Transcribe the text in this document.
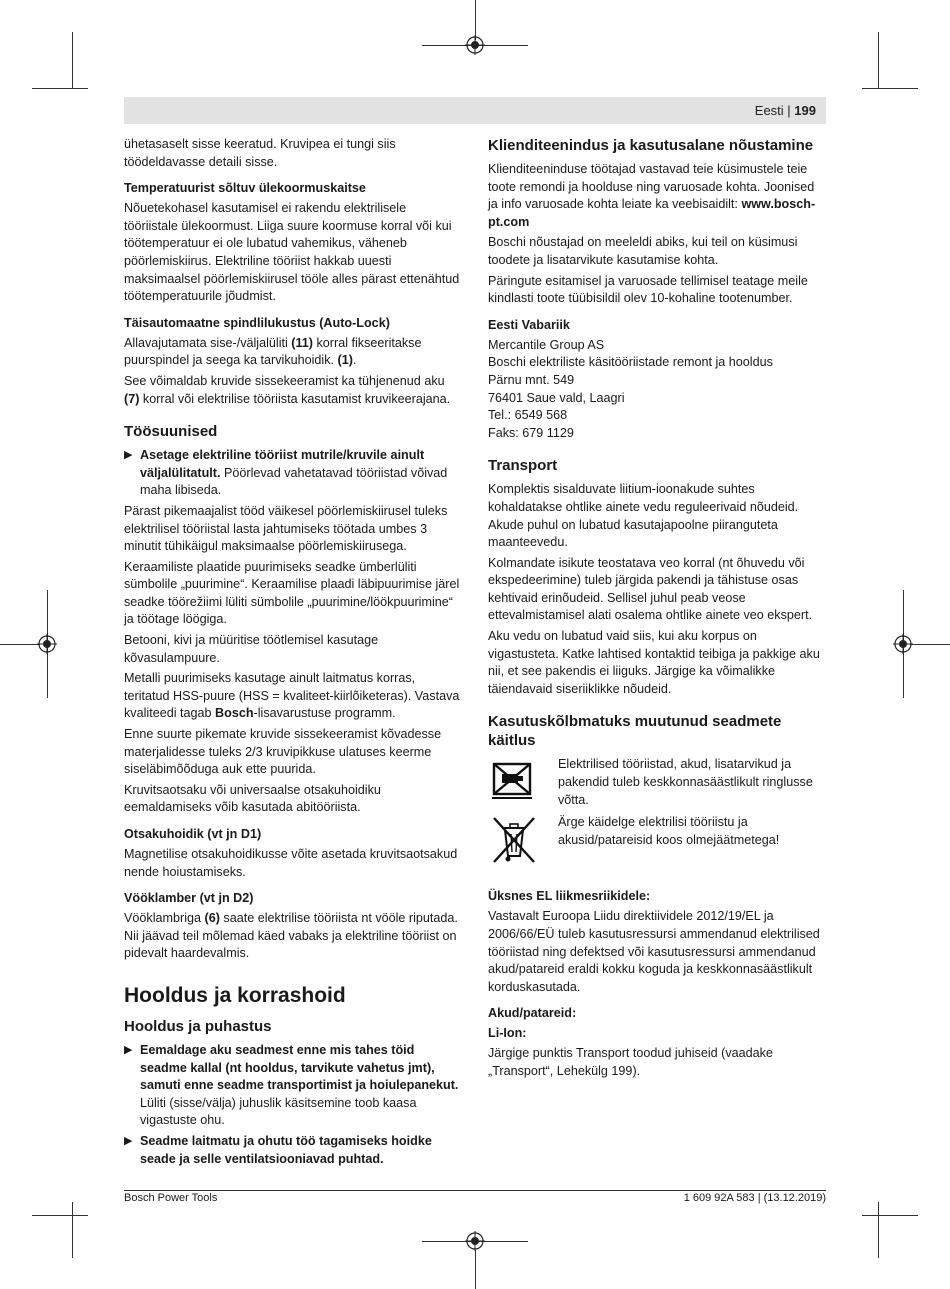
Eesti | 199

ühetasaselt sisse keeratud. Kruvipea ei tungi siis töödeldavasse detaili sisse.

Temperatuurist sõltuv ülekoormuskaitse

Nõuetekohasel kasutamisel ei rakendu elektrilisele tööriistale ülekoormust. Liiga suure koormuse korral või kui töötemperatuur ei ole lubatud vahemikus, väheneb pöörlemiskiirus. Elektriline tööriist hakkab uuesti maksimaalsel pöörlemiskiirusel tööle alles pärast ettenähtud töötemperatuurile jõudmist.

Täisautomaatne spindlilukustus (Auto-Lock)

Allavajutamata sise-/väljalüliti (11) korral fikseeritakse puurspindel ja seega ka tarvikuhoidik. (1).

See võimaldab kruvide sissekeeramist ka tühjenenud aku (7) korral või elektrilise tööriista kasutamist kruvikeerajana.

Töösuunised
▶ Asetage elektriline tööriist mutrile/kruvile ainult väljalülitatult. Pöörlevad vahetatavad tööriistad võivad maha libiseda.

Pärast pikemaajalist tööd väikesel pöörlemiskiirusel tuleks elektrilisel tööriistal lasta jahtumiseks töötada umbes 3 minutit tühikäigul maksimaalse pöörlemiskiirusega.

Keraamiliste plaatide puurimiseks seadke ümberlüliti sümbolile „puurimine“. Keraamilise plaadi läbipuurimise järel seadke töörežiimi lüliti sümbolile „puurimine/löökpuurimine“ ja töötage löögiga.

Betooni, kivi ja müüritise töötlemisel kasutage kõvasulampuure.

Metalli puurimiseks kasutage ainult laitmatus korras, teritatud HSS-puure (HSS = kvaliteet-kiirlõiketeras). Vastava kvaliteedi tagab Bosch-lisavarustuse programm.

Enne suurte pikemate kruvide sissekeeramist kõvadesse materjalidesse tuleks 2/3 kruvipikkuse ulatuses keerme siseläbimõõduga auk ette puurida.

Kruvitsaotsaku või universaalse otsakuhoidiku eemaldamiseks võib kasutada abitööriista.

Otsakuhoidik (vt jn D1)

Magnetilise otsakuhoidikusse võite asetada kruvitsaotsakud nende hoiustamiseks.

Vööklamber (vt jn D2)

Vööklambriga (6) saate elektrilise tööriista nt vööle riputada. Nii jäävad teil mõlemad käed vabaks ja elektriline tööriist on pidevalt haardevalmis.

Hooldus ja korrashoid
Hooldus ja puhastus
▶ Eemaldage aku seadmest enne mis tahes töid seadme kallal (nt hooldus, tarvikute vahetus jmt), samuti enne seadme transportimist ja hoiulepanekut. Lüliti (sisse/välja) juhuslik käsitsemine toob kaasa vigastuste ohu.
▶ Seadme laitmatu ja ohutu töö tagamiseks hoidke seade ja selle ventilatsiooniavad puhtad.
Klienditeenindus ja kasutusalane nõustamine

Klienditeeninduse töötajad vastavad teie küsimustele teie toote remondi ja hoolduse ning varuosade kohta. Joonised ja info varuosade kohta leiate ka veebisaidilt: www.bosch-pt.com

Boschi nõustajad on meeleldi abiks, kui teil on küsimusi toodete ja lisatarvikute kasutamise kohta.

Päringute esitamisel ja varuosade tellimisel teatage meile kindlasti toote tüübisildil olev 10-kohaline tootenumber.

Eesti Vabariik

Mercantile Group AS

Boschi elektriliste käsitööriistade remont ja hooldus

Pärnu mnt. 549

76401 Saue vald, Laagri

Tel.: 6549 568

Faks: 679 1129

Transport

Komplektis sisalduvate liitium-ioonakude suhtes kohaldatakse ohtlike ainete vedu reguleerivaid nõudeid. Akude puhul on lubatud kasutajapoolne piiranguteta maanteevedu.

Kolmandate isikute teostatava veo korral (nt õhuvedu või ekspedeerimine) tuleb järgida pakendi ja tähistuse osas kehtivaid erinõudeid. Sellisel juhul peab veose ettevalmistamisel alati osalema ohtlike ainete veo ekspert.

Aku vedu on lubatud vaid siis, kui aku korpus on vigastusteta. Katke lahtised kontaktid teibiga ja pakkige aku nii, et see pakendis ei liiguks. Järgige ka võimalikke täiendavaid siseriiklikke nõudeid.

Kasutuskõlbmatuks muutunud seadmete käitlus

Elektrilised tööriistad, akud, lisatarvikud ja pakendid tuleb keskkonnasäästlikult ringlusse võtta.

Ärge käidelge elektrilisi tööriistu ja akusid/patareisid koos olmejäätmetega!

Üksnes EL liikmesriikidele:

Vastavalt Euroopa Liidu direktiividele 2012/19/EL ja 2006/66/EÜ tuleb kasutusressursi ammendanud elektrilised tööriistad ning defektsed või kasutusressursi ammendanud akud/patareid eraldi kokku koguda ja keskkonnasäästlikult korduskasutada.

Akud/patareid:
Li-Ion:

Järgige punktis Transport toodud juhiseid (vaadake „Transport“, Lehekülg 199).

Bosch Power Tools	1 609 92A 583 | (13.12.2019)
